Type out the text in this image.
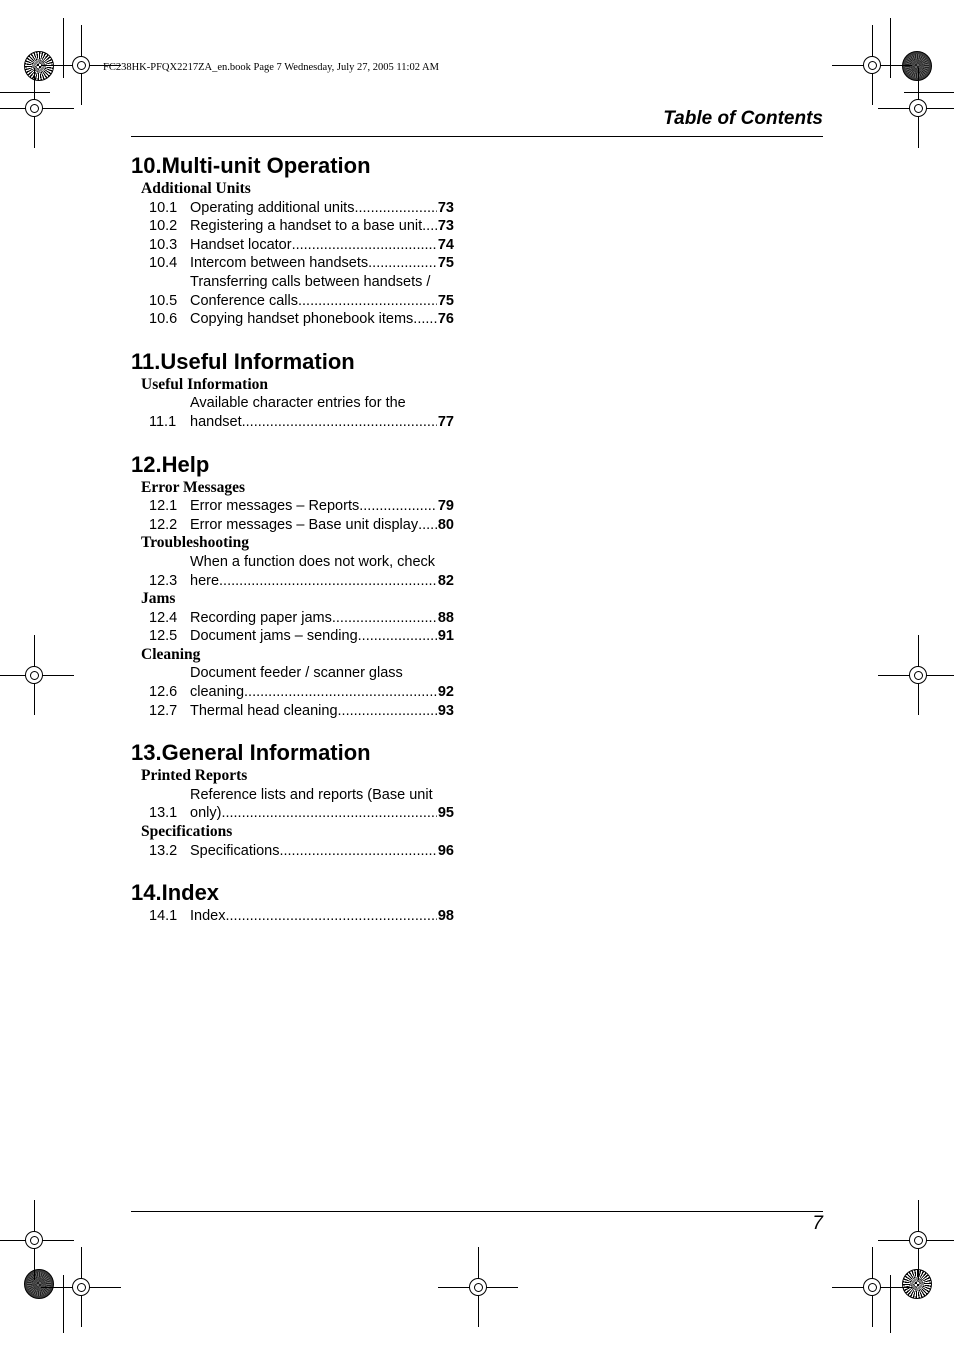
FC238HK-PFQX2217ZA_en.book Page 7 Wednesday, July 27, 2005 11:02 AM
Table of Contents
10.Multi-unit Operation
Additional Units
10.1 Operating additional units .....	73
10.2 Registering a handset to a base unit ..... 73
10.3 Handset locator .....	74
10.4 Intercom between handsets .....	75
10.5
Transferring calls between handsets /
Conference calls .....	75
10.6 Copying handset phonebook items ..... 76
11.Useful Information
Useful Information
11.1
Available character entries for the
handset .....	77
12.Help
Error Messages
12.1 Error messages – Reports .....	79
12.2 Error messages – Base unit display ..... 80
Troubleshooting
12.3
When a function does not work, check
here .....	82
Jams
12.4 Recording paper jams .....	88
12.5 Document jams – sending .....	91
Cleaning
12.6
Document feeder / scanner glass
cleaning .....	92
12.7 Thermal head cleaning .....	93
13.General Information
Printed Reports
13.1
Reference lists and reports (Base unit
only) .....	95
Specifications
13.2 Specifications .....	96
14.Index
14.1 Index .....	98
7
